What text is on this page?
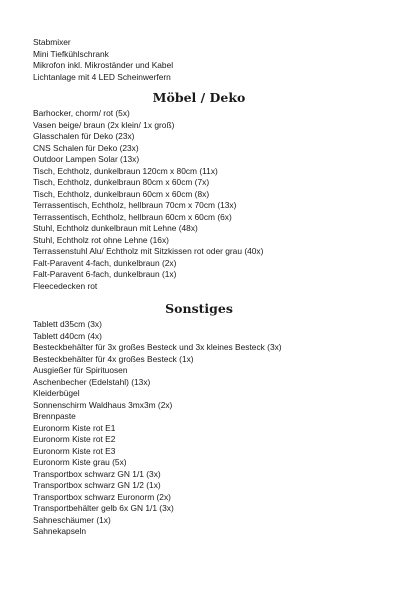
Stabmixer
Mini Tiefkühlschrank
Mikrofon inkl. Mikroständer und Kabel
Lichtanlage mit 4 LED Scheinwerfern
Möbel / Deko
Barhocker, chorm/ rot (5x)
Vasen beige/ braun (2x klein/ 1x groß)
Glasschalen für Deko (23x)
CNS Schalen für Deko (23x)
Outdoor Lampen Solar (13x)
Tisch, Echtholz, dunkelbraun 120cm x 80cm (11x)
Tisch, Echtholz, dunkelbraun 80cm x 60cm (7x)
Tisch, Echtholz, dunkelbraun 60cm x 60cm (8x)
Terrassentisch, Echtholz, hellbraun 70cm x 70cm (13x)
Terrassentisch, Echtholz, hellbraun 60cm x 60cm (6x)
Stuhl, Echtholz dunkelbraun mit Lehne (48x)
Stuhl, Echtholz rot ohne Lehne (16x)
Terrassenstuhl Alu/ Echtholz mit Sitzkissen rot oder grau (40x)
Falt-Paravent 4-fach, dunkelbraun (2x)
Falt-Paravent 6-fach, dunkelbraun (1x)
Fleecedecken rot
Sonstiges
Tablett d35cm (3x)
Tablett d40cm (4x)
Besteckbehälter für 3x großes Besteck und 3x kleines Besteck (3x)
Besteckbehälter für 4x großes Besteck (1x)
Ausgießer für Spirituosen
Aschenbecher (Edelstahl) (13x)
Kleiderbügel
Sonnenschirm Waldhaus 3mx3m (2x)
Brennpaste
Euronorm Kiste rot E1
Euronorm Kiste rot E2
Euronorm Kiste rot E3
Euronorm Kiste grau (5x)
Transportbox schwarz GN 1/1 (3x)
Transportbox schwarz GN 1/2 (1x)
Transportbox schwarz Euronorm (2x)
Transportbehälter gelb 6x GN 1/1 (3x)
Sahneschäumer (1x)
Sahnekapseln
